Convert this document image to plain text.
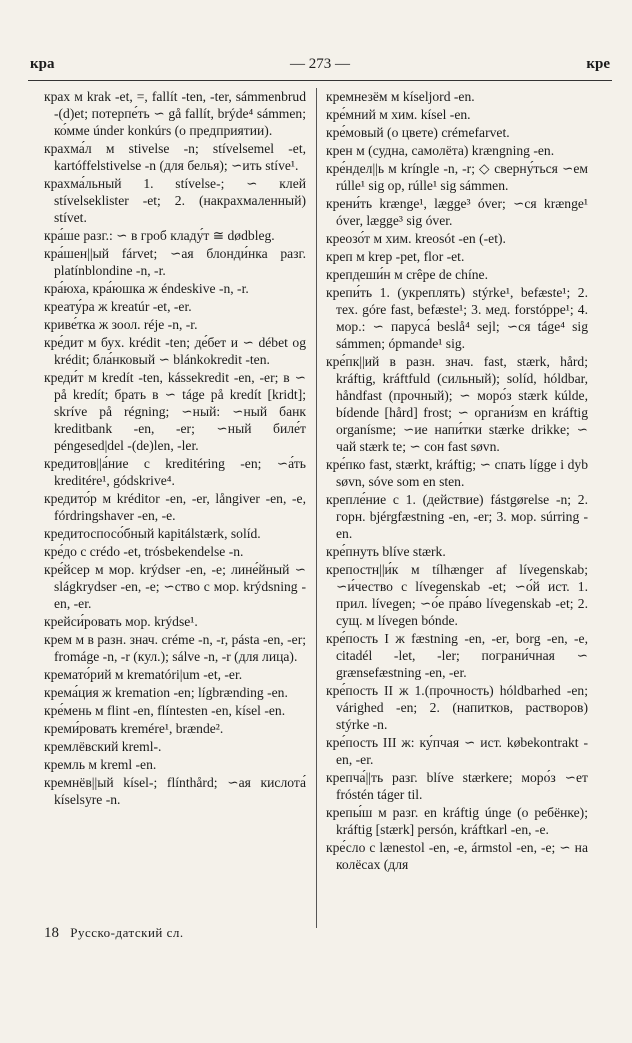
кра	— 273 —	кре

крах м krak -et, =, fallít -ten, -ter, sámmenbrud -(d)et; потерпе́ть ∽ gå fallít, brýde⁴ sámmen; ко́мме únder konkúrs (о предприятии).

крахма́л м stivelse -n; stívelsemel -et, kartóffelstivelse -n (для белья); ∽ить stíve¹.

крахма́льный 1. stívelse-; ∽ клей stívelseklister -et; 2. (накрахмаленный) stívet.

кра́ше разг.: ∽ в гроб кладу́т ≅ dødbleg.

кра́шен||ый fárvet; ∽ая блонди́нка разг. platínblondine -n, -r.

кра́юха, кра́юшка ж éndeskive -n, -r.

креату́ра ж kreatúr -et, -er.

криве́тка ж зоол. réje -n, -r.

кре́дит м бух. krédit -ten; де́бет и ∽ débet og krédit; бла́нковый ∽ blánkokredit -ten.

креди́т м kredít -ten, kássekredit -en, -er; в ∽ på kredít; брать в ∽ táge på kredít [kridt]; skríve på régning; ∽ный: ∽ный банк kreditbank -en, -er; ∽ный биле́т péngesed|del -(de)len, -ler.

кредитов||а́ние с kreditéring -en; ∽а́ть kreditére¹, gódskrive⁴.

кредито́р м kréditor -en, -er, långiver -en, -e, fórdringshaver -en, -e.

кредитоспосо́бный kapitálstærk, solíd.

кре́до с crédo -et, trósbekendelse -n.

кре́йсер м мор. krýdser -en, -e; лине́йный ∽ slágkrydser -en, -e; ∽ство с мор. krýdsning -en, -er.

крейси́ровать мор. krýdse¹.

крем м в разн. знач. créme -n, -r, pásta -en, -er; fromáge -n, -r (кул.); sálve -n, -r (для лица).

кремато́рий м krematóri|um -et, -er.

крема́ция ж kremation -en; lígbrænding -en.

кре́мень м flint -en, flíntesten -en, kísel -en.

креми́ровать kremére¹, brænde².

кремлёвский kreml-.

кремль м kreml -en.

кремнёв||ый kísel-; flínthård; ∽ая кислота́ kíselsyre -n.

кремнезём м kíseljord -en.

кре́мний м хим. kísel -en.

кре́мовый (о цвете) crémefarvet.

крен м (судна, самолёта) krængning -en.

кре́ндел||ь м kríngle -n, -r; ◇ сверну́ться ∽ем rúlle¹ sig op, rúlle¹ sig sámmen.

крени́ть krænge¹, lægge³ óver; ∽ся krænge¹ óver, lægge³ sig óver.

креозо́т м хим. kreosót -en (-et).

креп м krep -pet, flor -et.

крепдеши́н м crêpe de chíne.

крепи́ть 1. (укреплять) stýrke¹, befæste¹; 2. тех. góre fast, befæste¹; 3. мед. forstóppe¹; 4. мор.: ∽ паруса́ beslå⁴ sejl; ∽ся táge⁴ sig sámmen; ópmande¹ sig.

кре́пк||ий в разн. знач. fast, stærk, hård; kráftig, kráftfuld (сильный); solíd, hóldbar, håndfast (прочный); ∽ моро́з stærk kúlde, bídende [hård] frost; ∽ органи́зм en kráftig organísme; ∽ие напи́тки stærke drikke; ∽ чай stærk te; ∽ сон fast søvn.

кре́пко fast, stærkt, kráftig; ∽ спать lígge i dyb søvn, sóve som en sten.

крепле́ние с 1. (действие) fástgørelse -n; 2. горн. bjérgfæstning -en, -er; 3. мор. súrring -en.

кре́пнуть blíve stærk.

крепостн||и́к м tílhænger af lívegenskab; ∽и́чество с lívegenskab -et; ∽о́й ист. 1. прил. lívegen; ∽о́е пра́во lívegenskab -et; 2. сущ. м lívegen bónde.

кре́пость I ж fæstning -en, -er, borg -en, -e, citadél -let, -ler; пограни́чная ∽ grænsefæstning -en, -er.

кре́пость II ж 1.(прочность) hóldbarhed -en; várighed -en; 2. (напитков, растворов) stýrke -n.

кре́пость III ж: ку́пчая ∽ ист. købekontrakt -en, -er.

крепча́||ть разг. blíve stærkere; моро́з ∽ет fróstén táger til.

крепы́ш м разг. en kráftig únge (о ребёнке); kráftig [stærk] persón, kráftkarl -en, -e.

кре́сло с lænestol -en, -e, ármstol -en, -e; ∽ на колёсах (для

18 Русско-датский сл.
